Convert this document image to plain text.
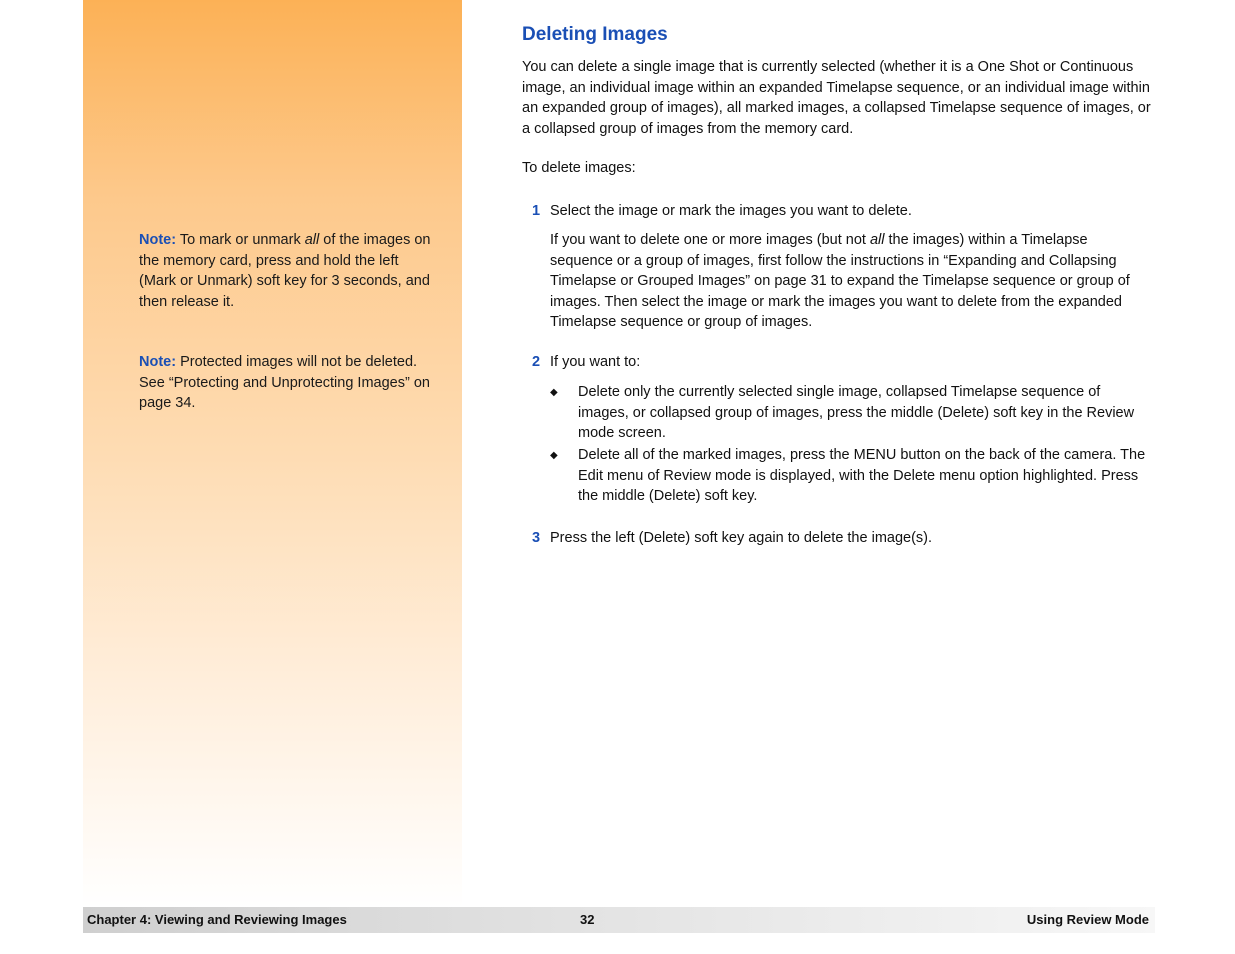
Note: To mark or unmark all of the images on the memory card, press and hold the left (Mark or Unmark) soft key for 3 seconds, and then release it.
Note: Protected images will not be deleted. See “Protecting and Unprotecting Images” on page 34.
Deleting Images

You can delete a single image that is currently selected (whether it is a One Shot or Continuous image, an individual image within an expanded Timelapse sequence, or an individual image within an expanded group of images), all marked images, a collapsed Timelapse sequence of images, or a collapsed group of images from the memory card.

To delete images:

1 Select the image or mark the images you want to delete.

If you want to delete one or more images (but not all the images) within a Timelapse sequence or a group of images, first follow the instructions in “Expanding and Collapsing Timelapse or Grouped Images” on page 31 to expand the Timelapse sequence or group of images. Then select the image or mark the images you want to delete from the expanded Timelapse sequence or group of images.

2 If you want to:
◆ Delete only the currently selected single image, collapsed Timelapse sequence of images, or collapsed group of images, press the middle (Delete) soft key in the Review mode screen.
◆ Delete all of the marked images, press the MENU button on the back of the camera. The Edit menu of Review mode is displayed, with the Delete menu option highlighted. Press the middle (Delete) soft key.
3 Press the left (Delete) soft key again to delete the image(s).
Chapter 4: Viewing and Reviewing Images	32	Using Review Mode
